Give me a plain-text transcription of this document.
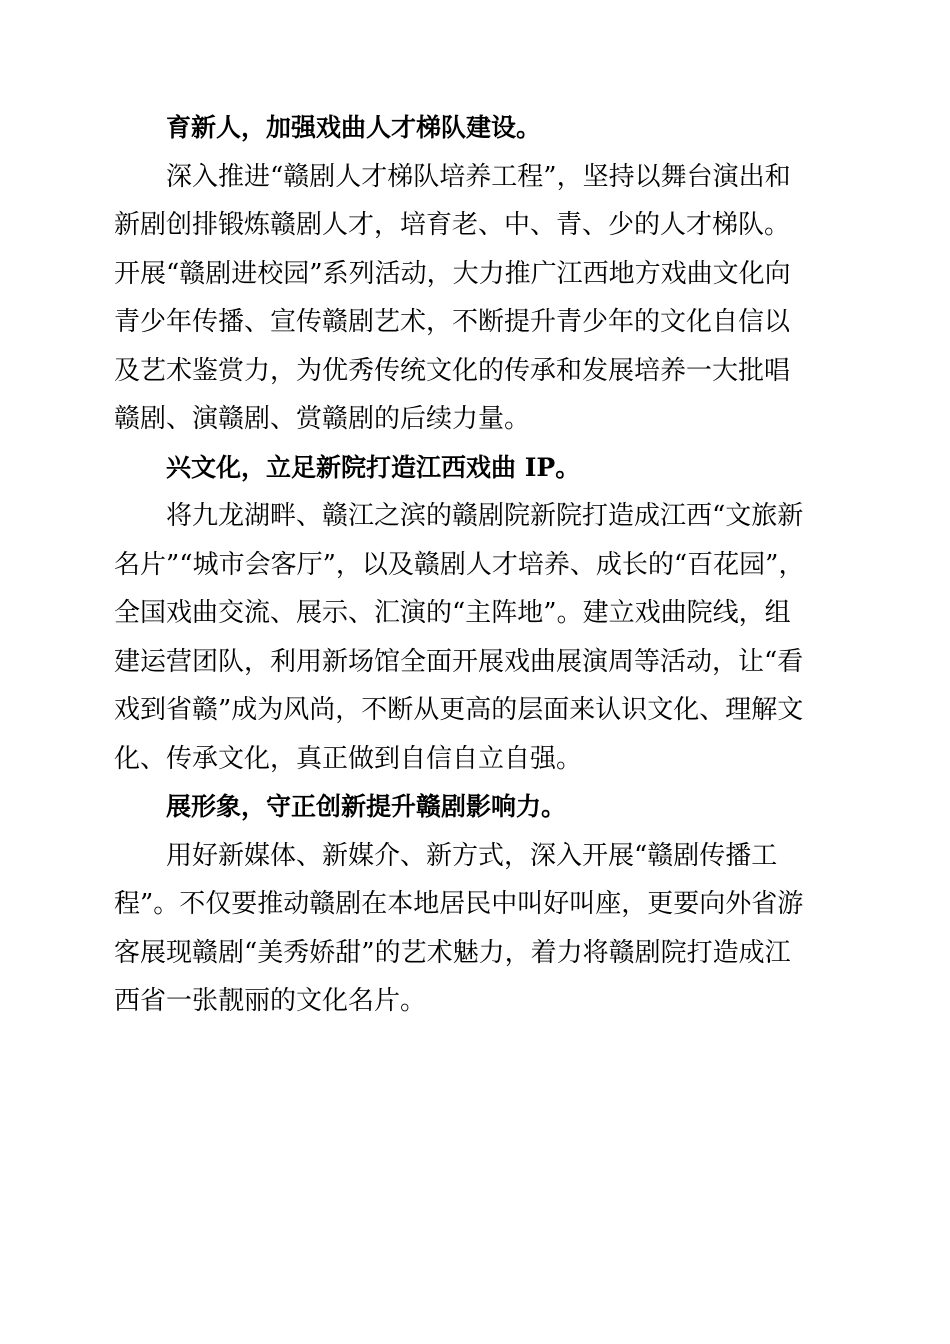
育新人，加强戏曲人才梯队建设。

深入推进“赣剧人才梯队培养工程”，坚持以舞台演出和
新剧创排锻炼赣剧人才，培育老、中、青、少的人才梯队。
开展“赣剧进校园”系列活动，大力推广江西地方戏曲文化向
青少年传播、宣传赣剧艺术，不断提升青少年的文化自信以
及艺术鉴赏力，为优秀传统文化的传承和发展培养一大批唱
赣剧、演赣剧、赏赣剧的后续力量。

兴文化，立足新院打造江西戏曲 IP。

将九龙湖畔、赣江之滨的赣剧院新院打造成江西“文旅新
名片”“城市会客厅”，以及赣剧人才培养、成长的“百花园”，
全国戏曲交流、展示、汇演的“主阵地”。建立戏曲院线，组
建运营团队，利用新场馆全面开展戏曲展演周等活动，让“看
戏到省赣”成为风尚，不断从更高的层面来认识文化、理解文
化、传承文化，真正做到自信自立自强。

展形象，守正创新提升赣剧影响力。

用好新媒体、新媒介、新方式，深入开展“赣剧传播工
程”。不仅要推动赣剧在本地居民中叫好叫座，更要向外省游
客展现赣剧“美秀娇甜”的艺术魅力，着力将赣剧院打造成江
西省一张靓丽的文化名片。
